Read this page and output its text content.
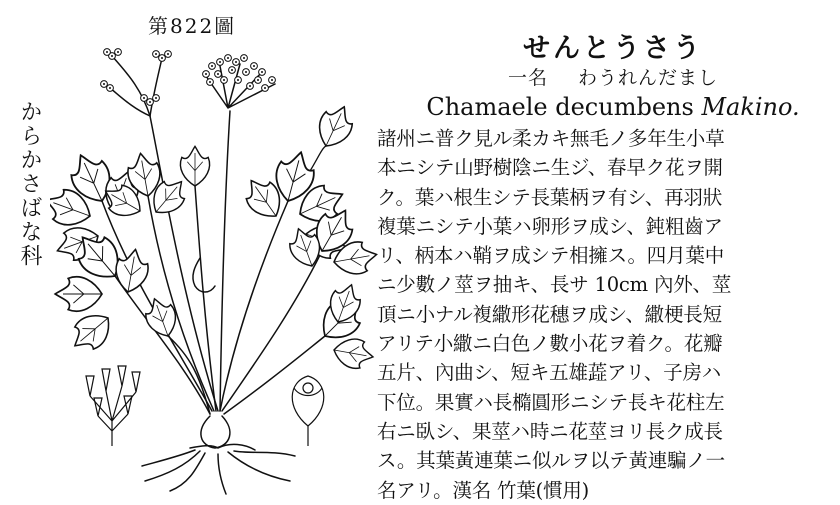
第822圖
からかさばな科
せんとうさう
一名 わうれんだまし
Chamaele decumbens Makino.
諸州ニ普ク見ル柔カキ無毛ノ多年生小草
本ニシテ山野樹陰ニ生ジ、春早ク花ヲ開
ク。葉ハ根生シテ長葉柄ヲ有シ、再羽狀
複葉ニシテ小葉ハ卵形ヲ成シ、鈍粗齒ア
リ、柄本ハ鞘ヲ成シテ相擁ス。四月葉中
ニ少數ノ莖ヲ抽キ、長サ 10cm 內外、莖
頂ニ小ナル複繖形花穗ヲ成シ、繖梗長短
アリテ小繖ニ白色ノ數小花ヲ着ク。花瓣
五片、內曲シ、短キ五雄蕋アリ、子房ハ
下位。果實ハ長橢圓形ニシテ長キ花柱左
右ニ臥シ、果莖ハ時ニ花莖ヨリ長ク成長
ス。其葉黃連葉ニ似ルヲ以テ黃連騙ノ一
名アリ。漢名 竹葉(慣用)
